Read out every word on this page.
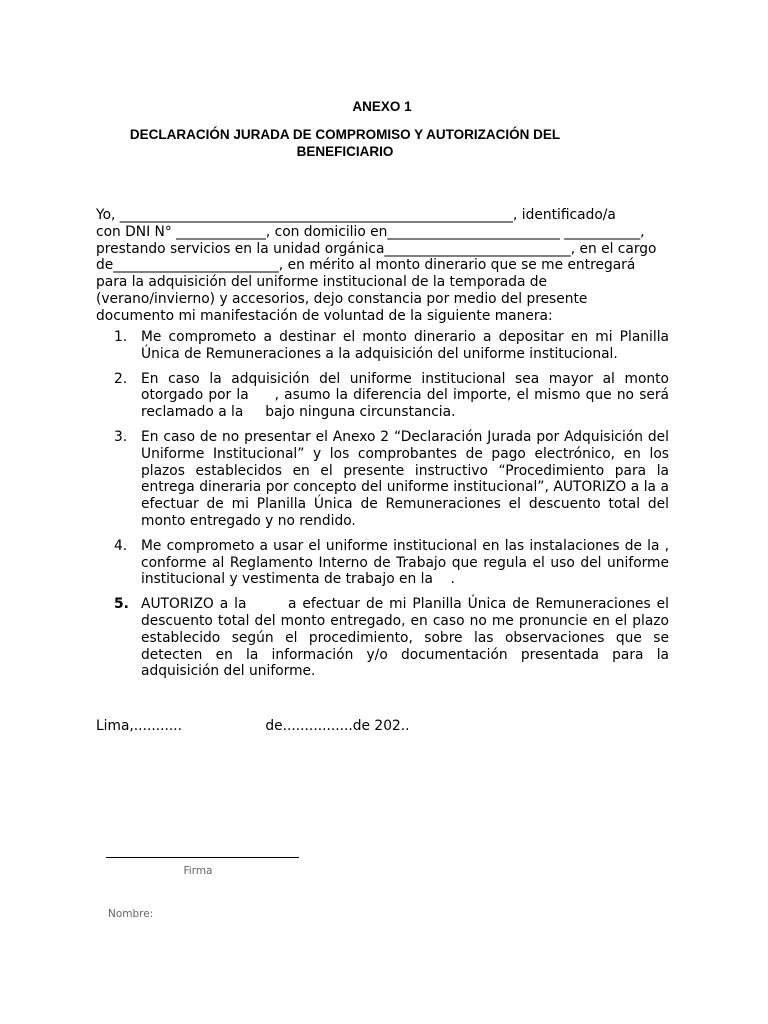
ANEXO 1
DECLARACIÓN JURADA DE COMPROMISO Y AUTORIZACIÓN DEL BENEFICIARIO

Yo, _________________________________________________________, identificado/a

con DNI N° _____________, con domicilio en_________________________ ___________,

prestando servicios en la unidad orgánica___________________________, en el cargo

de________________________, en mérito al monto dinerario que se me entregará

para la adquisición del uniforme institucional de la temporada de

(verano/invierno) y accesorios, dejo constancia por medio del presente

documento mi manifestación de voluntad de la siguiente manera:

1. Me comprometo a destinar el monto dinerario a depositar en mi Planilla Única de Remuneraciones a la adquisición del uniforme institucional.
2. En caso la adquisición del uniforme institucional sea mayor al monto otorgado por la     , asumo la diferencia del importe, el mismo que no será reclamado a la     bajo ninguna circunstancia.
3. En caso de no presentar el Anexo 2 “Declaración Jurada por Adquisición del Uniforme Institucional” y los comprobantes de pago electrónico, en los plazos establecidos en el presente instructivo “Procedimiento para la entrega dineraria por concepto del uniforme institucional”, AUTORIZO a la a efectuar de mi Planilla Única de Remuneraciones el descuento total del monto entregado y no rendido.
4. Me comprometo a usar el uniforme institucional en las instalaciones de la , conforme al Reglamento Interno de Trabajo que regula el uso del uniforme institucional y vestimenta de trabajo en la    .
5. AUTORIZO a la       a efectuar de mi Planilla Única de Remuneraciones el descuento total del monto entregado, en caso no me pronuncie en el plazo establecido según el procedimiento, sobre las observaciones que se detecten en la información y/o documentación presentada para la adquisición del uniforme.
Lima,...........                   de................de 202..
Firma
Nombre:
